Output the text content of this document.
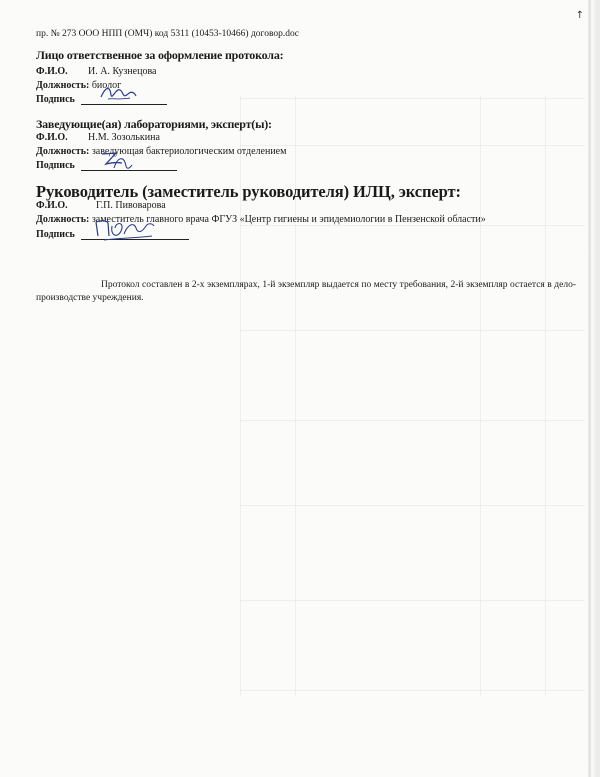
↑
пр. № 273 ООО НПП (ОМЧ) код 5311 (10453-10466) договор.doc
Лицо ответственное за оформление протокола:
Ф.И.О. И. А. Кузнецова
Должность: биолог
Подпись
Заведующие(ая) лабораториями, эксперт(ы):
Ф.И.О. Н.М. Зозолькина
Должность: заведующая бактериологическим отделением
Подпись
Руководитель (заместитель руководителя) ИЛЦ, эксперт:
Ф.И.О.	Г.П. Пивоварова
Должность: заместитель главного врача ФГУЗ «Центр гигиены и эпидемиологии в Пензенской области»
Подпись
Протокол составлен в 2-х экземплярах, 1-й экземпляр выдается по месту требования, 2-й экземпляр остается в дело-производстве учреждения.
